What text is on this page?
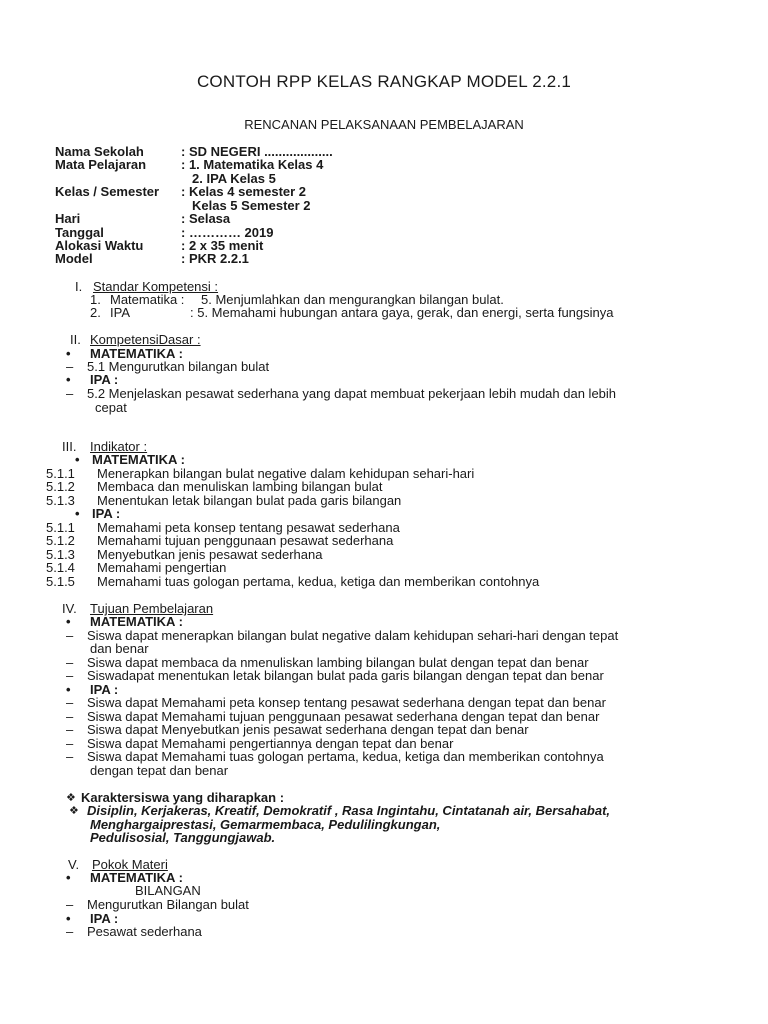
CONTOH RPP KELAS RANGKAP MODEL 2.2.1
RENCANAN PELAKSANAAN PEMBELAJARAN
Nama Sekolah	: SD NEGERI ...................
Mata Pelajaran	: 1. Matematika Kelas 4
2. IPA Kelas 5
Kelas / Semester : Kelas 4 semester 2
Kelas 5 Semester 2
Hari	: Selasa
Tanggal	: ………… 2019
Alokasi Waktu	: 2 x 35 menit
Model	: PKR 2.2.1
I. Standar Kompetensi :
1. Matematika : 5. Menjumlahkan dan mengurangkan bilangan bulat.
2. IPA	: 5. Memahami hubungan antara gaya, gerak, dan energi, serta fungsinya
II. KompetensiDasar :
• MATEMATIKA :
– 5.1 Mengurutkan bilangan bulat
• IPA :
– 5.2 Menjelaskan pesawat sederhana yang dapat membuat pekerjaan lebih mudah dan lebih
cepat
III. Indikator :
• MATEMATIKA :
5.1.1 Menerapkan bilangan bulat negative dalam kehidupan sehari-hari
5.1.2 Membaca dan menuliskan lambing bilangan bulat
5.1.3 Menentukan letak bilangan bulat pada garis bilangan
• IPA :
5.1.1 Memahami peta konsep tentang pesawat sederhana
5.1.2 Memahami tujuan penggunaan pesawat sederhana
5.1.3 Menyebutkan jenis pesawat sederhana
5.1.4 Memahami pengertian
5.1.5 Memahami tuas gologan pertama, kedua, ketiga dan memberikan contohnya
IV. Tujuan Pembelajaran
• MATEMATIKA :
– Siswa dapat menerapkan bilangan bulat negative dalam kehidupan sehari-hari dengan tepat
dan benar
– Siswa dapat membaca da nmenuliskan lambing bilangan bulat dengan tepat dan benar
– Siswadapat menentukan letak bilangan bulat pada garis bilangan dengan tepat dan benar
• IPA :
– Siswa dapat Memahami peta konsep tentang pesawat sederhana dengan tepat dan benar
– Siswa dapat Memahami tujuan penggunaan pesawat sederhana dengan tepat dan benar
– Siswa dapat Menyebutkan jenis pesawat sederhana dengan tepat dan benar
– Siswa dapat Memahami pengertiannya dengan tepat dan benar
– Siswa dapat Memahami tuas gologan pertama, kedua, ketiga dan memberikan contohnya
dengan tepat dan benar
❖ Karaktersiswa yang diharapkan :
❖ Disiplin, Kerjakeras, Kreatif, Demokratif , Rasa Ingintahu, Cintatanah air, Bersahabat,
Menghargaiprestasi, Gemarmembaca, Pedulilingkungan,
Pedulisosial, Tanggungjawab.
V. Pokok Materi
• MATEMATIKA :
BILANGAN
– Mengurutkan Bilangan bulat
• IPA :
– Pesawat sederhana
